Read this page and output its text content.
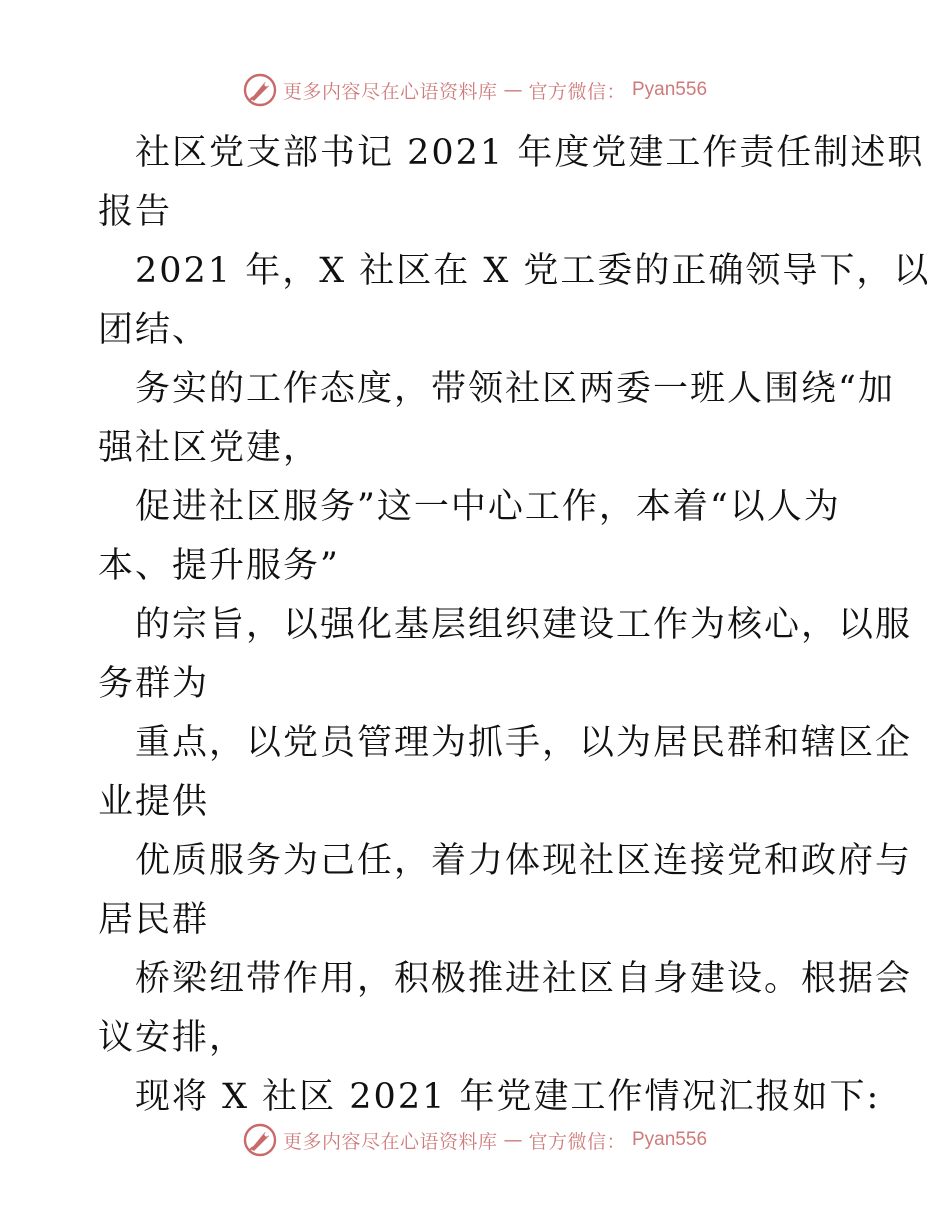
更多内容尽在心语资料库 — 官方微信： Pyan556
社区党支部书记 2021 年度党建工作责任制述职
报告
2021 年，X 社区在 X 党工委的正确领导下，以
团结、
务实的工作态度，带领社区两委一班人围绕“加
强社区党建，
促进社区服务”这一中心工作，本着“以人为
本、提升服务”
的宗旨，以强化基层组织建设工作为核心，以服
务群为
重点，以党员管理为抓手，以为居民群和辖区企
业提供
优质服务为己任，着力体现社区连接党和政府与
居民群
桥梁纽带作用，积极推进社区自身建设。根据会
议安排，
现将 X 社区 2021 年党建工作情况汇报如下:
更多内容尽在心语资料库 — 官方微信： Pyan556
